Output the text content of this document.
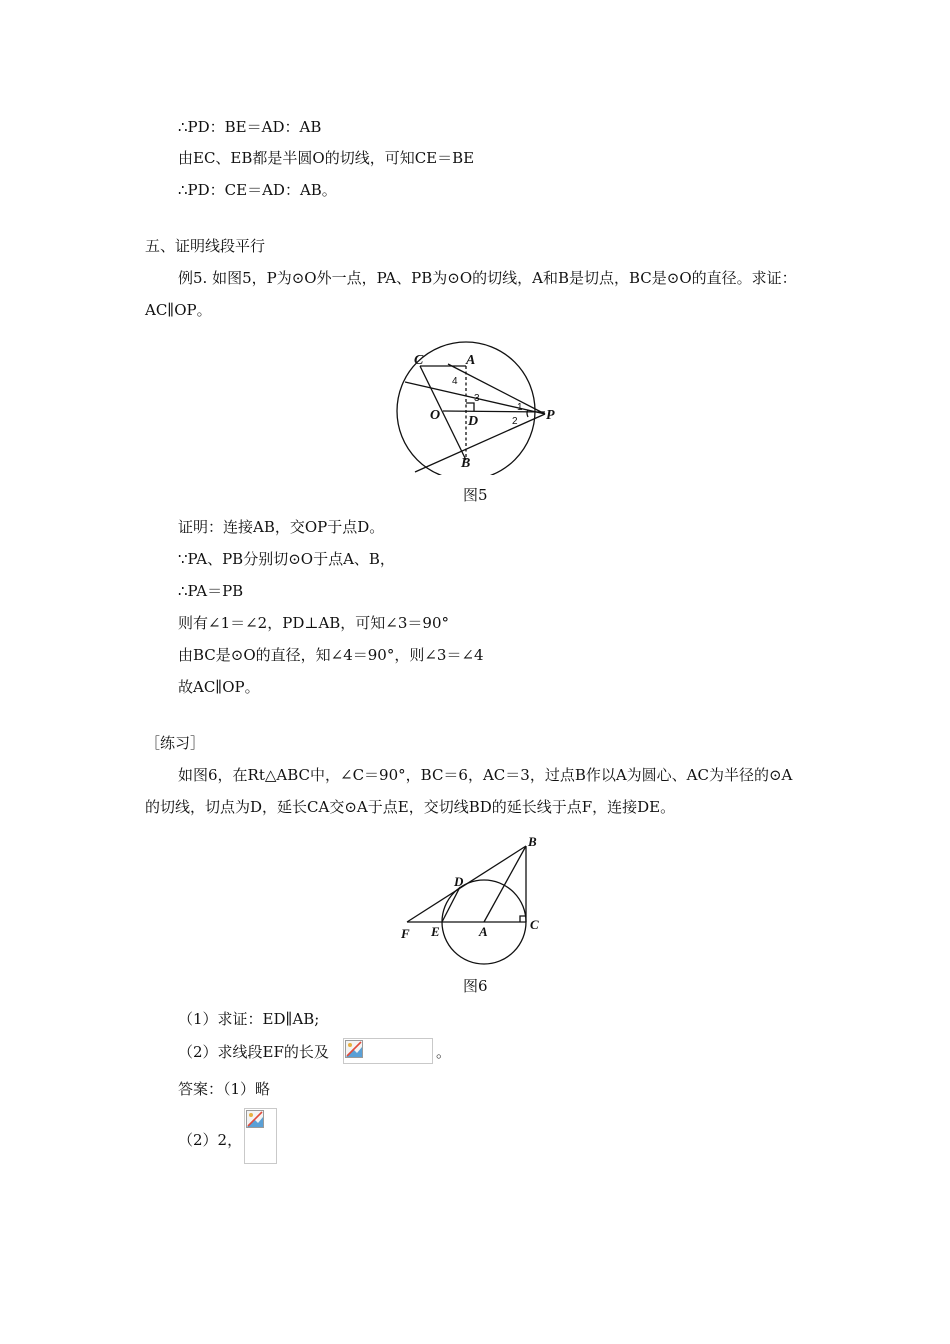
∴PD：BE＝AD：AB
由EC、EB都是半圆O的切线，可知CE＝BE
∴PD：CE＝AD：AB。
五、证明线段平行
例5. 如图5，P为⊙O外一点，PA、PB为⊙O的切线，A和B是切点，BC是⊙O的直径。求证：
AC∥OP。
C	A
O D
B
P
1
2
3
4
图5
证明：连接AB，交OP于点D。
∵PA、PB分别切⊙O于点A、B，
∴PA＝PB
则有∠1＝∠2，PD⊥AB，可知∠3＝90°
由BC是⊙O的直径，知∠4＝90°，则∠3＝∠4
故AC∥OP。
［练习］
如图6，在Rt△ABC中，∠C＝90°，BC＝6，AC＝3，过点B作以A为圆心、AC为半径的⊙A
的切线，切点为D，延长CA交⊙A于点E，交切线BD的延长线于点F，连接DE。
B
D
F E	A	C
图6
（1）求证：ED∥AB;
（2）求线段EF的长及	。
答案：（1）略
（2）2，
